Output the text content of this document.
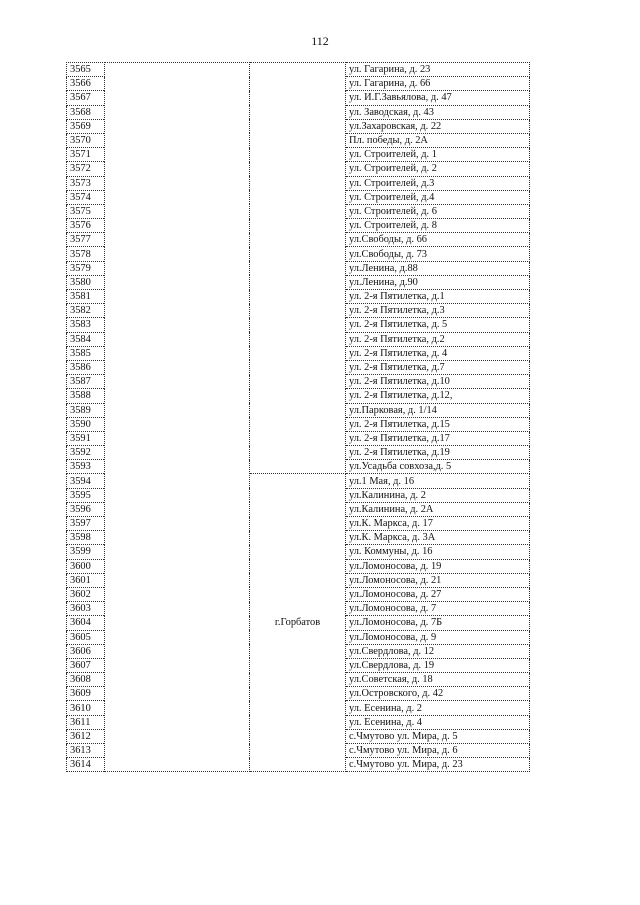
112
3565			ул. Гагарина, д. 23
3566			ул. Гагарина, д. 66
3567			ул. И.Г.Завьялова, д. 47
3568			ул. Заводская, д. 43
3569			ул.Захаровская, д. 22
3570			Пл. победы, д. 2А
3571			ул. Строителей, д. 1
3572			ул. Строителей, д. 2
3573			ул. Строителей, д.3
3574			ул. Строителей, д.4
3575			ул. Строителей, д. 6
3576			ул. Строителей, д. 8
3577			ул.Свободы, д. 66
3578			ул.Свободы, д. 73
3579			ул.Ленина, д.88
3580			ул.Ленина, д.90
3581			ул. 2-я Пятилетка, д.1
3582			ул. 2-я Пятилетка, д.3
3583			ул. 2-я Пятилетка, д. 5
3584			ул. 2-я Пятилетка, д.2
3585			ул. 2-я Пятилетка, д. 4
3586			ул. 2-я Пятилетка, д.7
3587			ул. 2-я Пятилетка, д.10
3588			ул. 2-я Пятилетка, д.12,
3589			ул.Парковая, д. 1/14
3590			ул. 2-я Пятилетка, д.15
3591			ул. 2-я Пятилетка, д.17
3592			ул. 2-я Пятилетка, д.19
3593			ул.Усадьба совхоза,д. 5
3594		г.Горбатов	ул.1 Мая, д. 16
3595			ул.Калинина, д. 2
3596			ул.Калинина, д. 2А
3597			ул.К. Маркса, д. 17
3598			ул.К. Маркса, д. 3А
3599			ул. Коммуны, д. 16
3600			ул.Ломоносова, д. 19
3601			ул.Ломоносова, д. 21
3602			ул.Ломоносова, д. 27
3603			ул.Ломоносова, д. 7
3604			ул.Ломоносова, д. 7Б
3605			ул.Ломоносова, д. 9
3606			ул.Свердлова, д. 12
3607			ул.Свердлова, д. 19
3608			ул.Советская, д. 18
3609			ул.Островского, д. 42
3610			ул. Есенина, д. 2
3611			ул. Есенина, д. 4
3612			с.Чмутово ул. Мира, д. 5
3613			с.Чмутово ул. Мира, д. 6
3614			с.Чмутово ул. Мира, д. 23
